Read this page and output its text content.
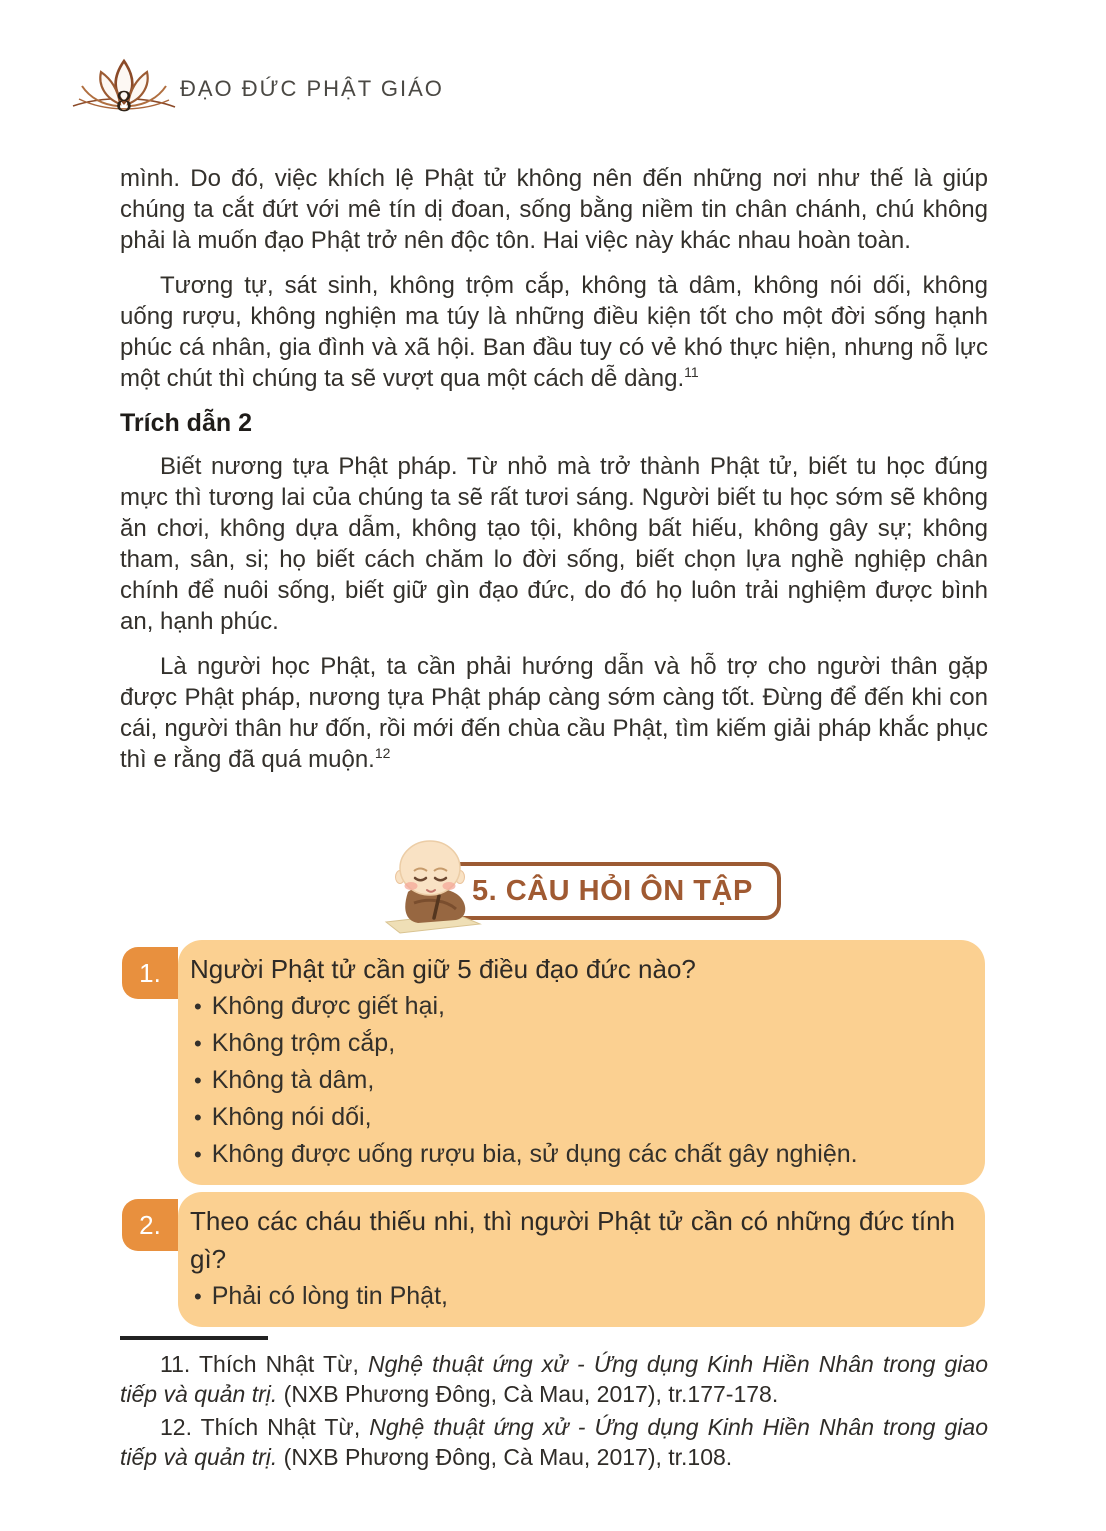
8 ĐẠO ĐỨC PHẬT GIÁO

mình. Do đó, việc khích lệ Phật tử không nên đến những nơi như thế là giúp chúng ta cắt đứt với mê tín dị đoan, sống bằng niềm tin chân chánh, chú không phải là muốn đạo Phật trở nên độc tôn. Hai việc này khác nhau hoàn toàn.

Tương tự, sát sinh, không trộm cắp, không tà dâm, không nói dối, không uống rượu, không nghiện ma túy là những điều kiện tốt cho một đời sống hạnh phúc cá nhân, gia đình và xã hội. Ban đầu tuy có vẻ khó thực hiện, nhưng nỗ lực một chút thì chúng ta sẽ vượt qua một cách dễ dàng.$^{11}$

Trích dẫn 2

Biết nương tựa Phật pháp. Từ nhỏ mà trở thành Phật tử, biết tu học đúng mực thì tương lai của chúng ta sẽ rất tươi sáng. Người biết tu học sớm sẽ không ăn chơi, không dựa dẫm, không tạo tội, không bất hiếu, không gây sự; không tham, sân, si; họ biết cách chăm lo đời sống, biết chọn lựa nghề nghiệp chân chính để nuôi sống, biết giữ gìn đạo đức, do đó họ luôn trải nghiệm được bình an, hạnh phúc.

Là người học Phật, ta cần phải hướng dẫn và hỗ trợ cho người thân gặp được Phật pháp, nương tựa Phật pháp càng sớm càng tốt. Đừng để đến khi con cái, người thân hư đốn, rồi mới đến chùa cầu Phật, tìm kiếm giải pháp khắc phục thì e rằng đã quá muộn.$^{12}$

5. CÂU HỎI ÔN TẬP
1. Người Phật tử cần giữ 5 điều đạo đức nào?
• Không được giết hại,
• Không trộm cắp,
• Không tà dâm,
• Không nói dối,
• Không được uống rượu bia, sử dụng các chất gây nghiện.
2. Theo các cháu thiếu nhi, thì người Phật tử cần có những đức tính gì?
• Phải có lòng tin Phật,

11. Thích Nhật Từ, Nghệ thuật ứng xử - Ứng dụng Kinh Hiền Nhân trong giao tiếp và quản trị. (NXB Phương Đông, Cà Mau, 2017), tr.177-178.

12. Thích Nhật Từ, Nghệ thuật ứng xử - Ứng dụng Kinh Hiền Nhân trong giao tiếp và quản trị. (NXB Phương Đông, Cà Mau, 2017), tr.108.
